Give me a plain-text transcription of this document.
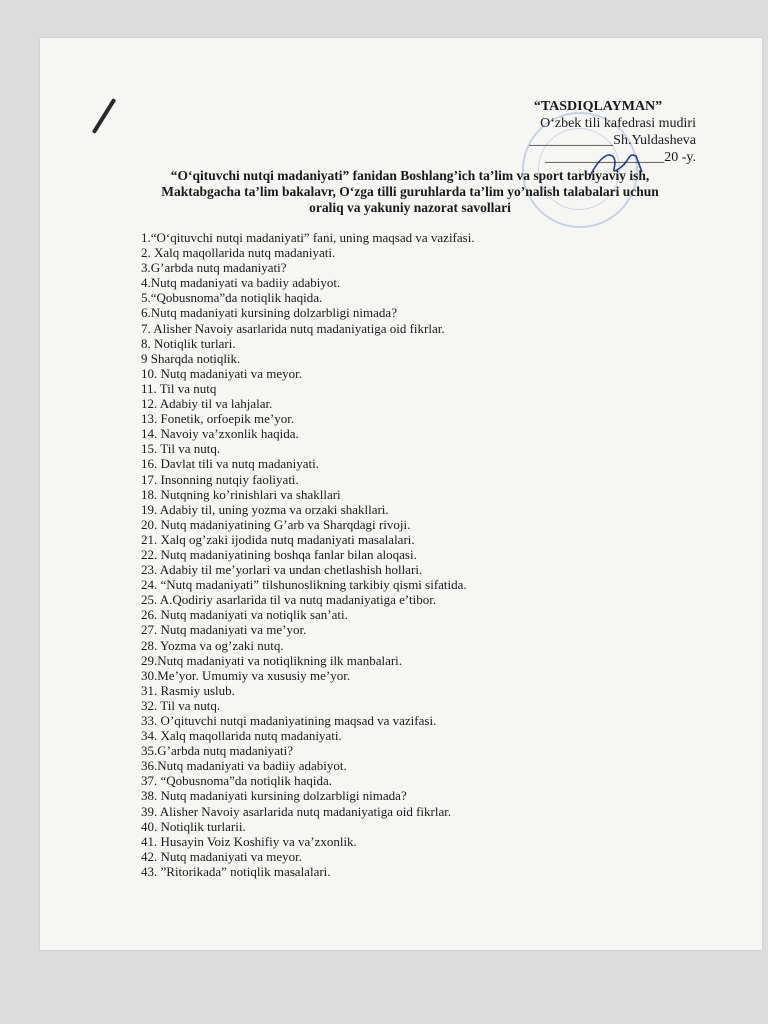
“TASDIQLAYMAN”
O‘zbek tili kafedrasi mudiri
____________Sh.Yuldasheva
_________________20 -y.
“O‘qituvchi nutqi madaniyati” fanidan Boshlang’ich ta’lim va sport tarbiyaviy ish, Maktabgacha ta’lim bakalavr, O‘zga tilli guruhlarda ta’lim yo’nalish talabalari uchun oraliq va yakuniy nazorat savollari
1.“O‘qituvchi nutqi madaniyati” fani, uning maqsad va vazifasi.
2. Xalq maqollarida nutq madaniyati.
3.G’arbda nutq madaniyati?
4.Nutq madaniyati va badiiy adabiyot.
5.“Qobusnoma”da notiqlik haqida.
6.Nutq madaniyati kursining dolzarbligi nimada?
7. Alisher Navoiy asarlarida nutq madaniyatiga oid fikrlar.
8. Notiqlik turlari.
9 Sharqda notiqlik.
10. Nutq madaniyati va meyor.
11. Til va nutq
12. Adabiy til va lahjalar.
13. Fonetik, orfoepik me’yor.
14. Navoiy va’zxonlik haqida.
15. Til va nutq.
16. Davlat tili va nutq madaniyati.
17. Insonning nutqiy faoliyati.
18. Nutqning ko’rinishlari va shakllari
19. Adabiy til, uning yozma va orzaki shakllari.
20. Nutq madaniyatining G’arb va Sharqdagi rivoji.
21. Xalq og’zaki ijodida nutq madaniyati masalalari.
22. Nutq madaniyatining boshqa fanlar bilan aloqasi.
23. Adabiy til me’yorlari va undan chetlashish hollari.
24. “Nutq madaniyati” tilshunoslikning tarkibiy qismi sifatida.
25. A.Qodiriy asarlarida til va nutq madaniyatiga e’tibor.
26. Nutq madaniyati va notiqlik san’ati.
27. Nutq madaniyati va me’yor.
28. Yozma va og’zaki nutq.
29.Nutq madaniyati va notiqlikning ilk manbalari.
30.Me’yor. Umumiy va xususiy me’yor.
31. Rasmiy uslub.
32. Til va nutq.
33. O’qituvchi nutqi madaniyatining maqsad va vazifasi.
34. Xalq maqollarida nutq madaniyati.
35.G’arbda nutq madaniyati?
36.Nutq madaniyati va badiiy adabiyot.
37. “Qobusnoma”da notiqlik haqida.
38. Nutq madaniyati kursining dolzarbligi nimada?
39. Alisher Navoiy asarlarida nutq madaniyatiga oid fikrlar.
40. Notiqlik turlarii.
41. Husayin Voiz Koshifiy va va’zxonlik.
42. Nutq madaniyati va meyor.
43. ”Ritorikada” notiqlik masalalari.
